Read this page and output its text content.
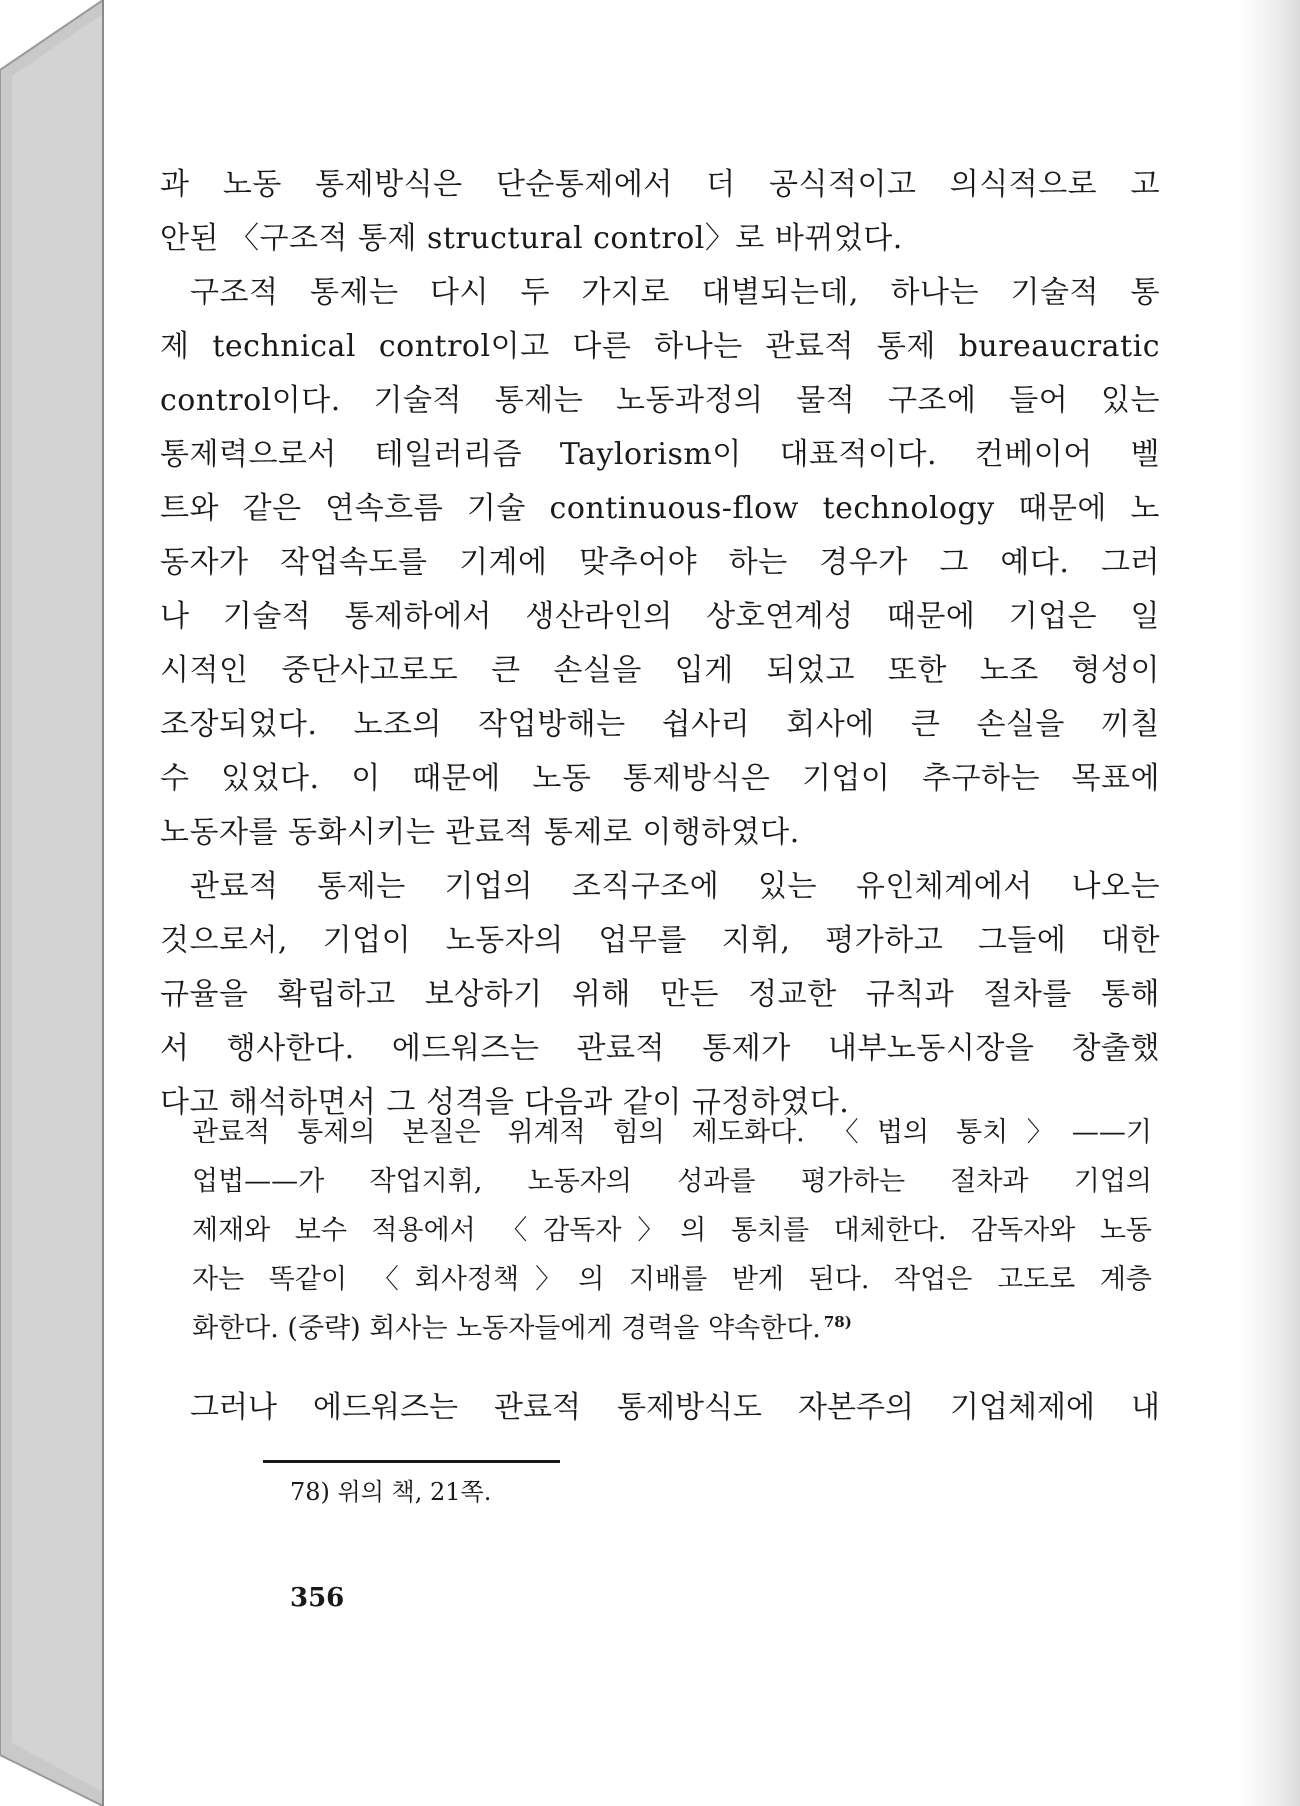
과 노동 통제방식은 단순통제에서 더 공식적이고 의식적으로 고
안된 〈구조적 통제 structural control〉로 바뀌었다.
구조적 통제는 다시 두 가지로 대별되는데, 하나는 기술적 통
제 technical control이고 다른 하나는 관료적 통제 bureaucratic
control이다. 기술적 통제는 노동과정의 물적 구조에 들어 있는
통제력으로서 테일러리즘 Taylorism이 대표적이다. 컨베이어 벨
트와 같은 연속흐름 기술 continuous-flow technology 때문에 노
동자가 작업속도를 기계에 맞추어야 하는 경우가 그 예다. 그러
나 기술적 통제하에서 생산라인의 상호연계성 때문에 기업은 일
시적인 중단사고로도 큰 손실을 입게 되었고 또한 노조 형성이
조장되었다. 노조의 작업방해는 쉽사리 회사에 큰 손실을 끼칠
수 있었다. 이 때문에 노동 통제방식은 기업이 추구하는 목표에
노동자를 동화시키는 관료적 통제로 이행하였다.
관료적 통제는 기업의 조직구조에 있는 유인체계에서 나오는
것으로서, 기업이 노동자의 업무를 지휘, 평가하고 그들에 대한
규율을 확립하고 보상하기 위해 만든 정교한 규칙과 절차를 통해
서 행사한다. 에드워즈는 관료적 통제가 내부노동시장을 창출했
다고 해석하면서 그 성격을 다음과 같이 규정하였다.
관료적 통제의 본질은 위계적 힘의 제도화다. 〈법의 통치〉——기
업법——가 작업지휘, 노동자의 성과를 평가하는 절차과 기업의
제재와 보수 적용에서 〈감독자〉의 통치를 대체한다. 감독자와 노동
자는 똑같이 〈회사정책〉의 지배를 받게 된다. 작업은 고도로 계층
화한다. (중략) 회사는 노동자들에게 경력을 약속한다. $^{78)}$
그러나 에드워즈는 관료적 통제방식도 자본주의 기업체제에 내
78) 위의 책, 21쪽.
356
